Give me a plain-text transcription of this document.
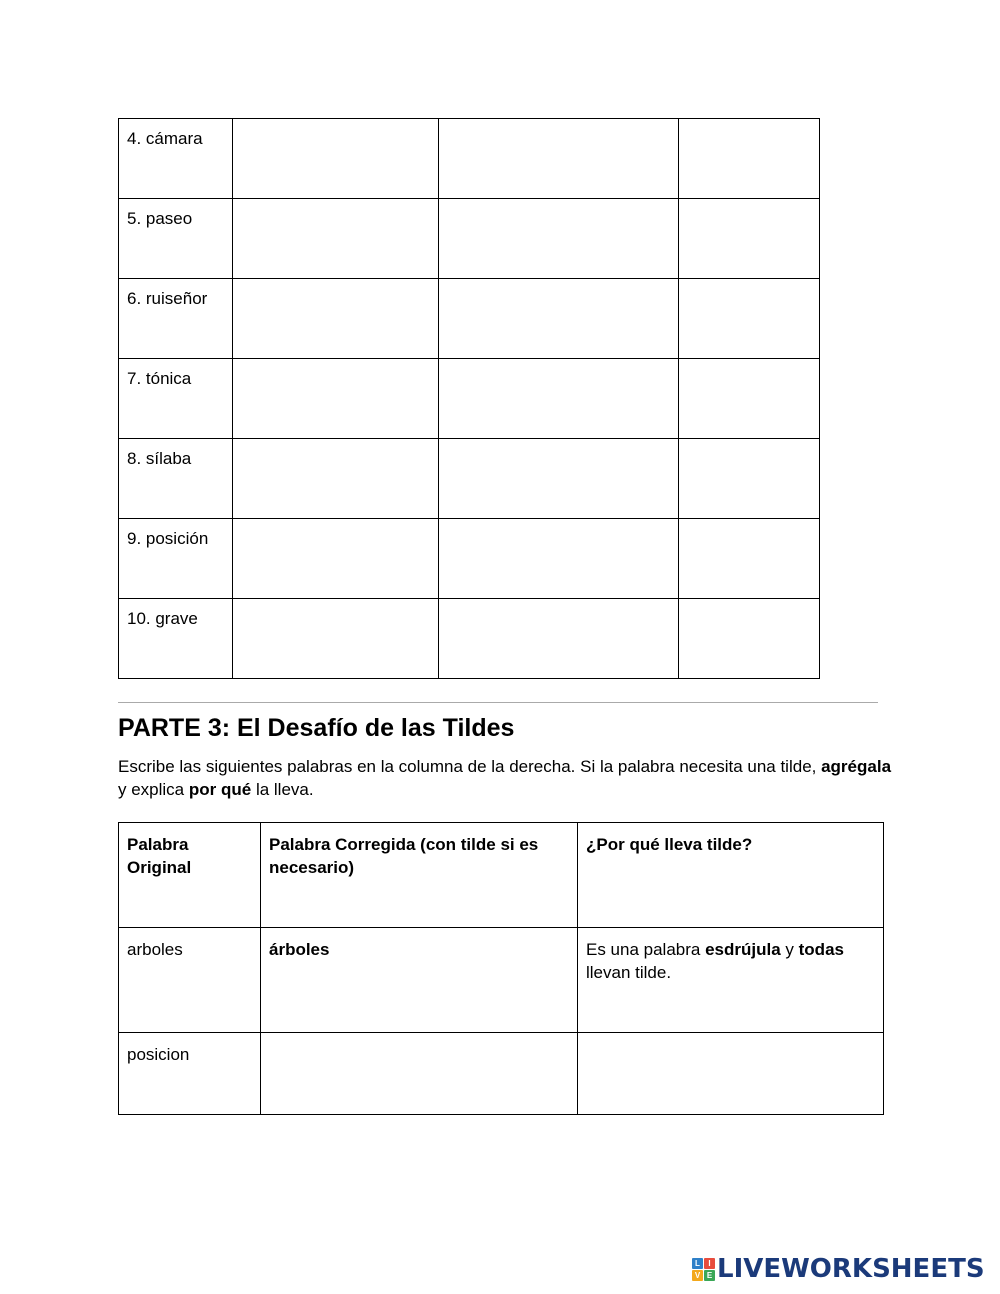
4. cámara			
5. paseo			
6. ruiseñor			
7. tónica			
8. sílaba			
9. posición			
10. grave			
PARTE 3: El Desafío de las Tildes

Escribe las siguientes palabras en la columna de la derecha. Si la palabra necesita una tilde, agrégala y explica por qué la lleva.

Palabra Original	Palabra Corregida (con tilde si es necesario)	¿Por qué lleva tilde?
arboles	árboles	Es una palabra esdrújula y todas llevan tilde.
posicion		
L	I
V E LIVEWORKSHEETS
